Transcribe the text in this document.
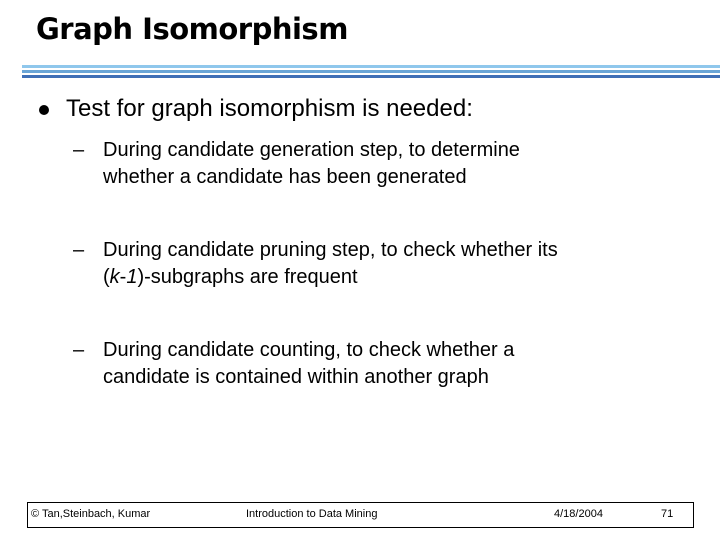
Graph Isomorphism
Test for graph isomorphism is needed:
– During candidate generation step, to determine
whether a candidate has been generated
– During candidate pruning step, to check whether its
(k-1)-subgraphs are frequent
– During candidate counting, to check whether a
candidate is contained within another graph
© Tan,Steinbach, Kumar	Introduction to Data Mining	4/18/2004	71
